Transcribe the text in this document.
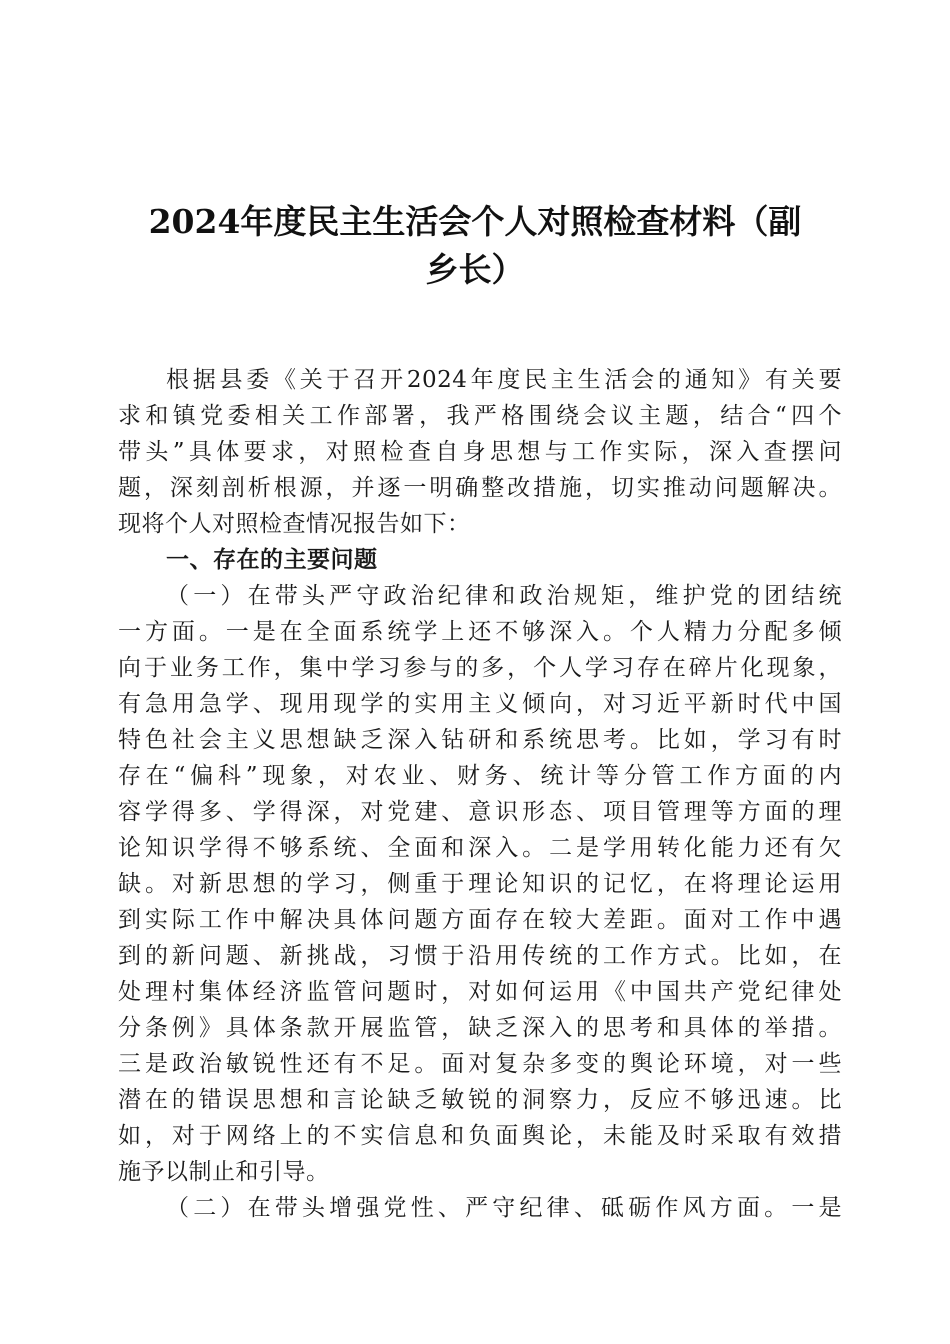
2024年度民主生活会个人对照检查材料（副
乡长）
根据县委《关于召开2024年度民主生活会的通知》有关要
求和镇党委相关工作部署，我严格围绕会议主题，结合“四个
带头”具体要求，对照检查自身思想与工作实际，深入查摆问
题，深刻剖析根源，并逐一明确整改措施，切实推动问题解决。
现将个人对照检查情况报告如下：
一、存在的主要问题
（一）在带头严守政治纪律和政治规矩，维护党的团结统
一方面。一是在全面系统学上还不够深入。个人精力分配多倾
向于业务工作，集中学习参与的多，个人学习存在碎片化现象，
有急用急学、现用现学的实用主义倾向，对习近平新时代中国
特色社会主义思想缺乏深入钻研和系统思考。比如，学习有时
存在“偏科”现象，对农业、财务、统计等分管工作方面的内
容学得多、学得深，对党建、意识形态、项目管理等方面的理
论知识学得不够系统、全面和深入。二是学用转化能力还有欠
缺。对新思想的学习，侧重于理论知识的记忆，在将理论运用
到实际工作中解决具体问题方面存在较大差距。面对工作中遇
到的新问题、新挑战，习惯于沿用传统的工作方式。比如，在
处理村集体经济监管问题时，对如何运用《中国共产党纪律处
分条例》具体条款开展监管，缺乏深入的思考和具体的举措。
三是政治敏锐性还有不足。面对复杂多变的舆论环境，对一些
潜在的错误思想和言论缺乏敏锐的洞察力，反应不够迅速。比
如，对于网络上的不实信息和负面舆论，未能及时采取有效措
施予以制止和引导。
（二）在带头增强党性、严守纪律、砥砺作风方面。一是
